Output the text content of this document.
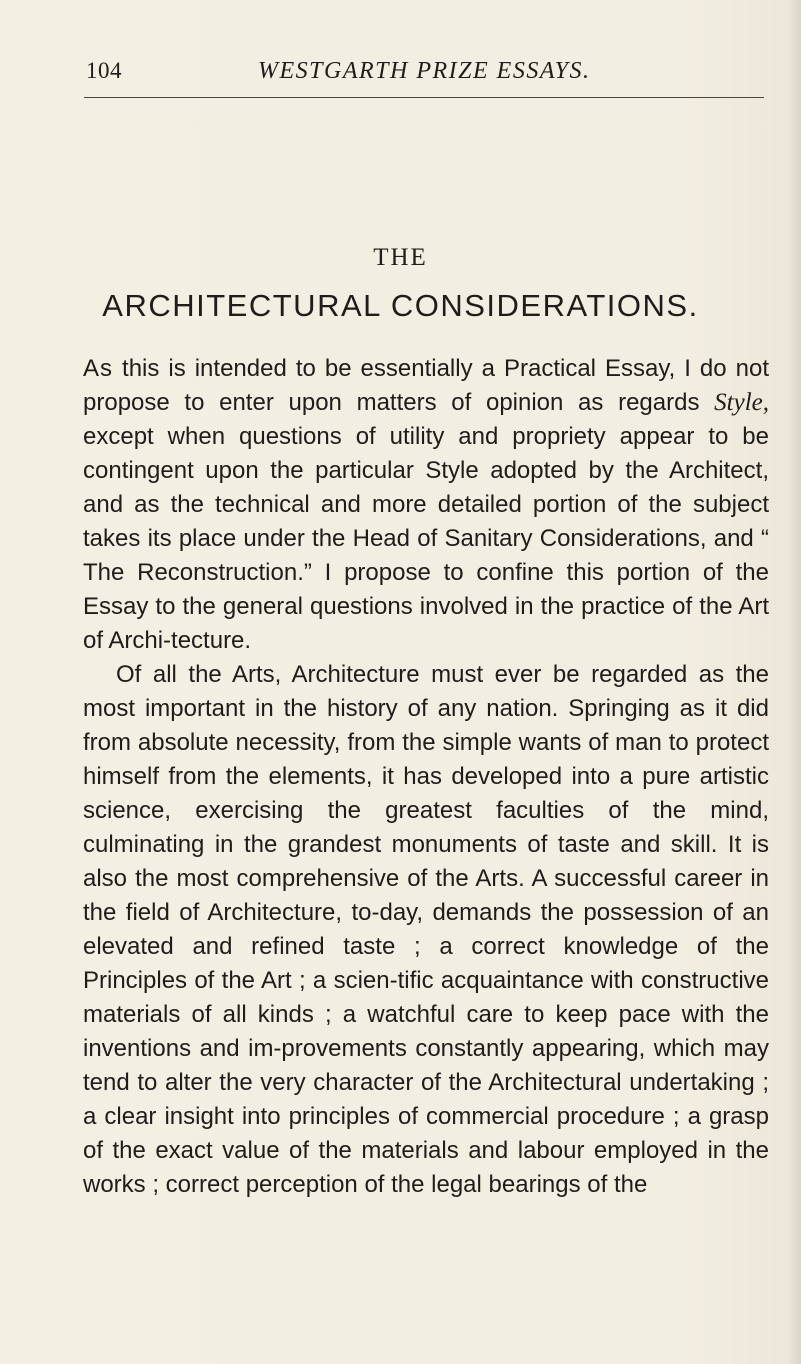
104	WESTGARTH PRIZE ESSAYS.
THE
ARCHITECTURAL CONSIDERATIONS.

As this is intended to be essentially a Practical Essay, I do not propose to enter upon matters of opinion as regards Style, except when questions of utility and propriety appear to be contingent upon the particular Style adopted by the Architect, and as the technical and more detailed portion of the subject takes its place under the Head of Sanitary Considerations, and “ The Reconstruction.” I propose to confine this portion of the Essay to the general questions involved in the practice of the Art of Archi-tecture.

Of all the Arts, Architecture must ever be regarded as the most important in the history of any nation. Springing as it did from absolute necessity, from the simple wants of man to protect himself from the elements, it has developed into a pure artistic science, exercising the greatest faculties of the mind, culminating in the grandest monuments of taste and skill. It is also the most comprehensive of the Arts. A successful career in the field of Architecture, to-day, demands the possession of an elevated and refined taste ; a correct knowledge of the Principles of the Art ; a scien-tific acquaintance with constructive materials of all kinds ; a watchful care to keep pace with the inventions and im-provements constantly appearing, which may tend to alter the very character of the Architectural undertaking ; a clear insight into principles of commercial procedure ; a grasp of the exact value of the materials and labour employed in the works ; correct perception of the legal bearings of the
